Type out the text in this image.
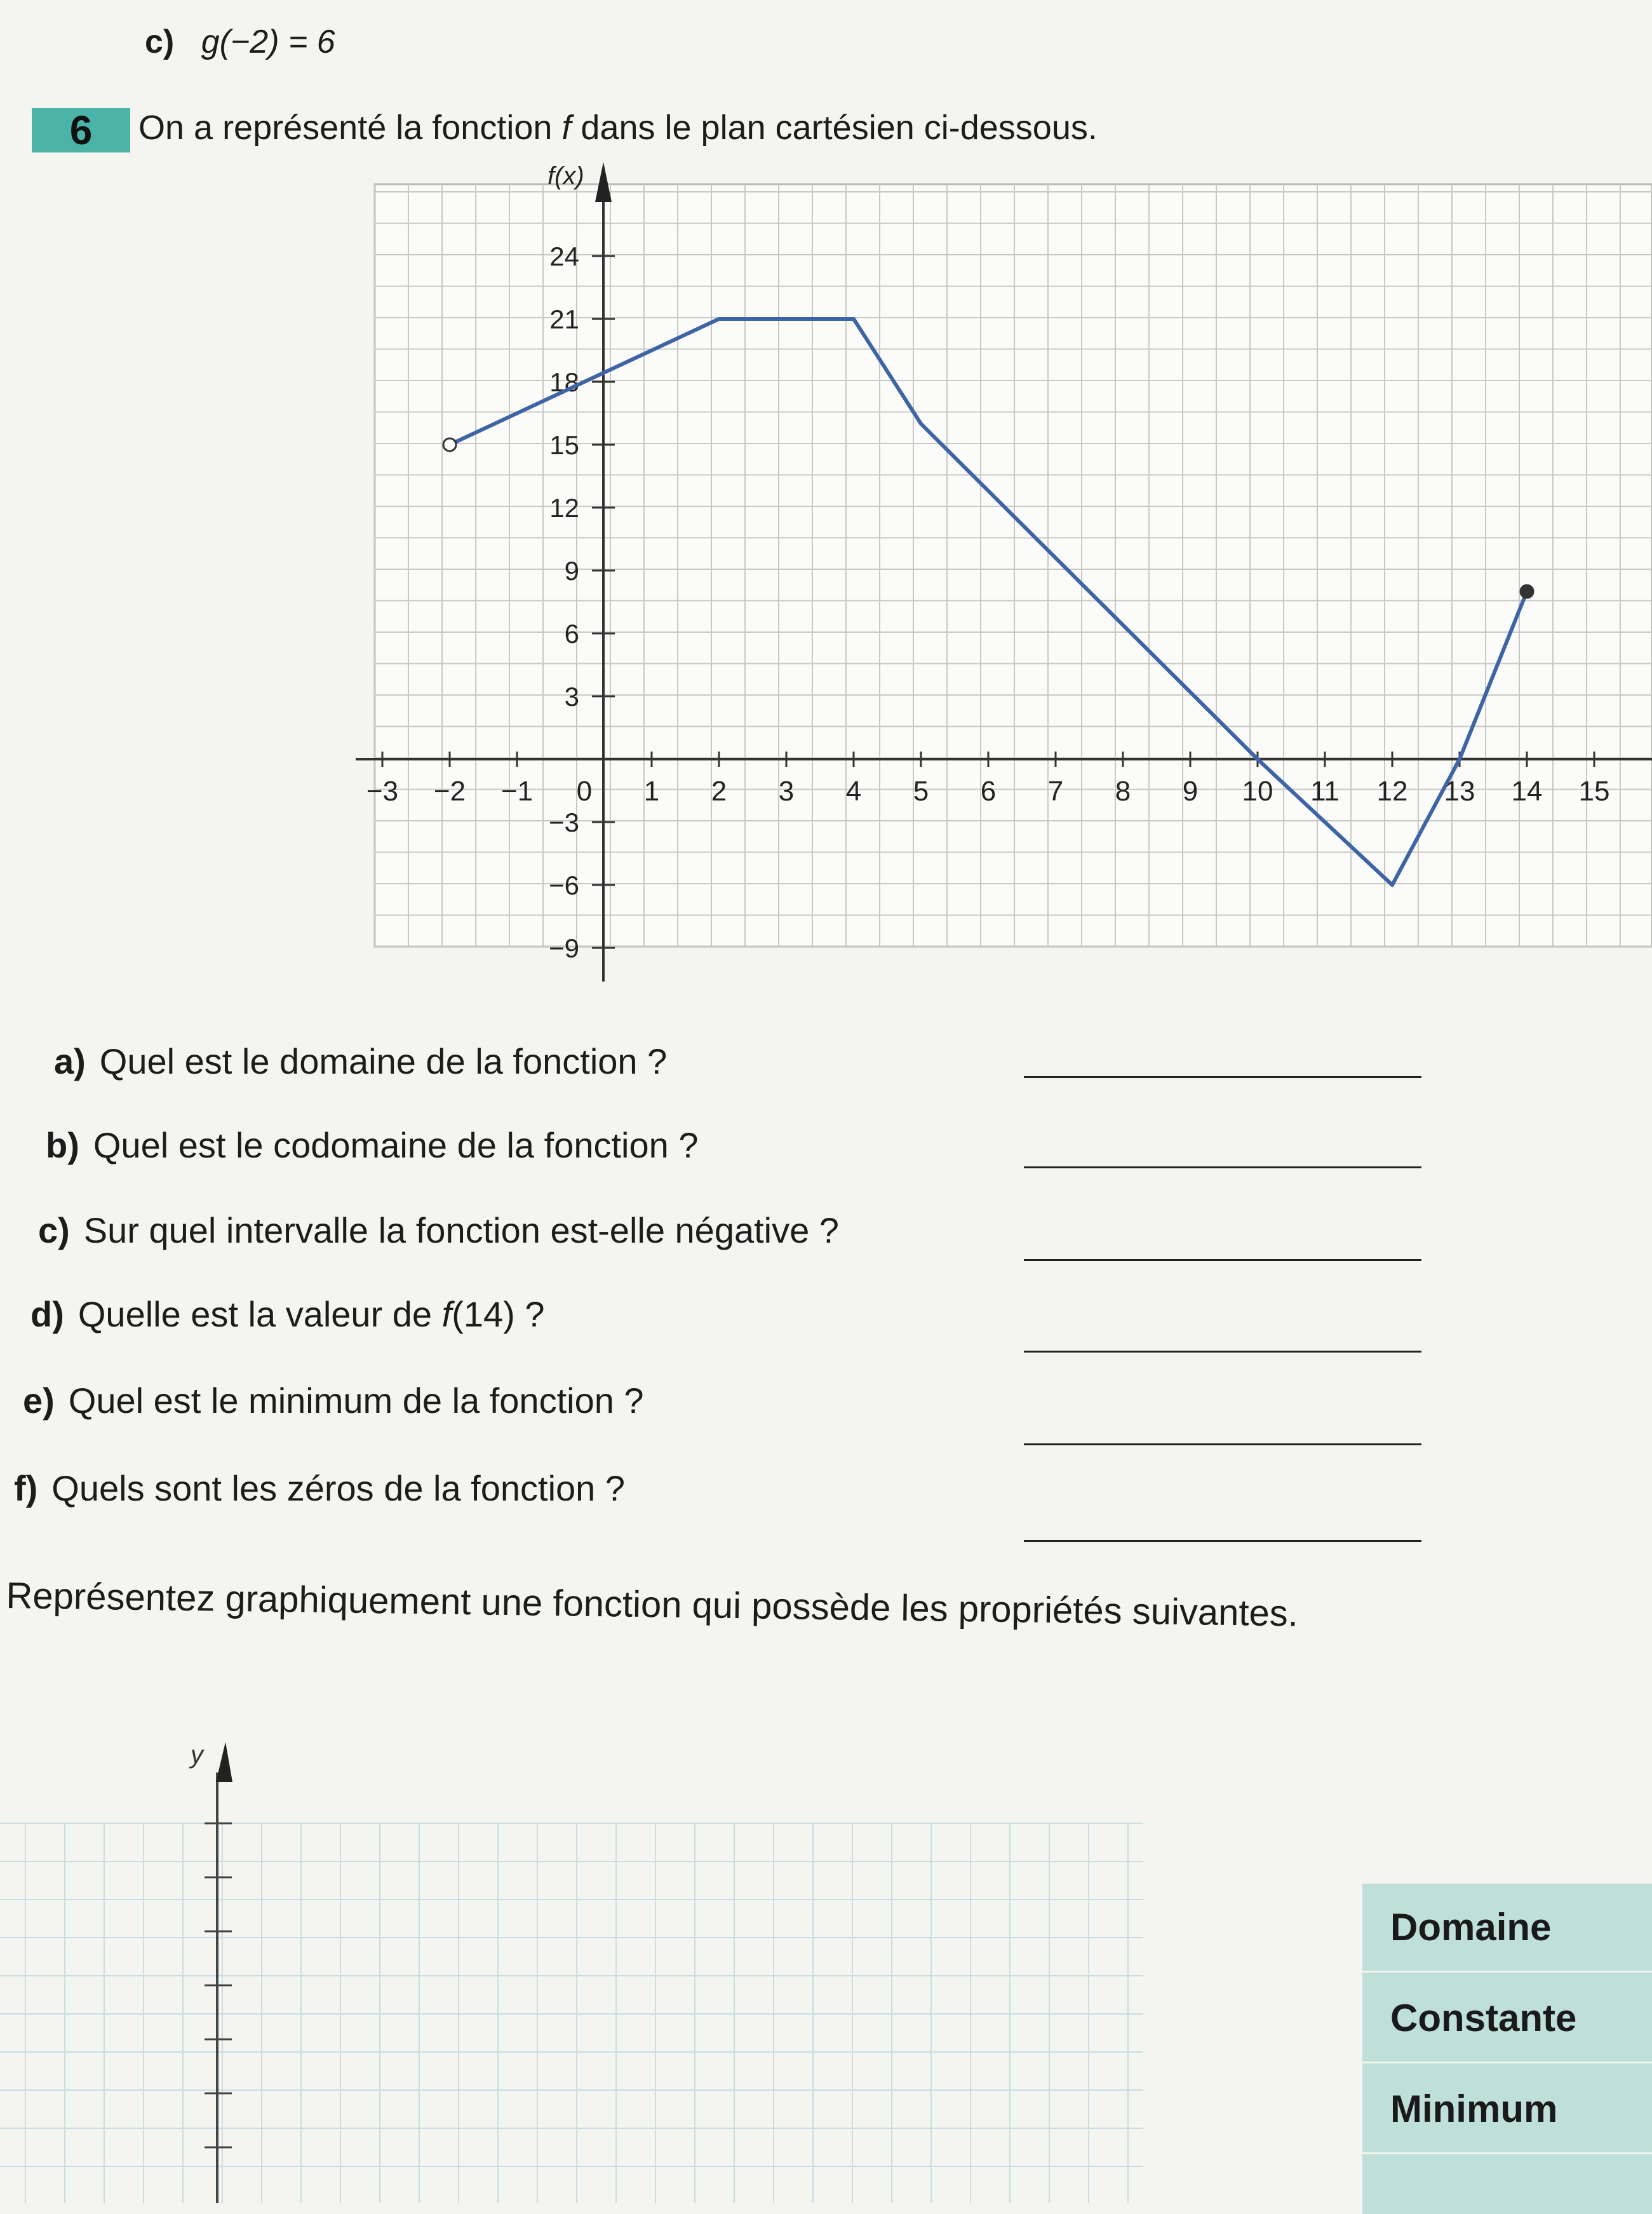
c) g(−2) = 6
6	On a représenté la fonction f dans le plan cartésien ci-dessous.
f(x)
−3 −2 −1 0 1 2 3 4 5 6 7 8 9 10 11 12 13 14 15
24
21
18
15
12
9
6
3
−3
−6
−9
y
a) Quel est le domaine de la fonction ?
b) Quel est le codomaine de la fonction ?
c) Sur quel intervalle la fonction est-elle négative ?
d) Quelle est la valeur de f(14) ?
e) Quel est le minimum de la fonction ?
f) Quels sont les zéros de la fonction ?
Représentez graphiquement une fonction qui possède les propriétés suivantes.
Domaine
Constante
Minimum
